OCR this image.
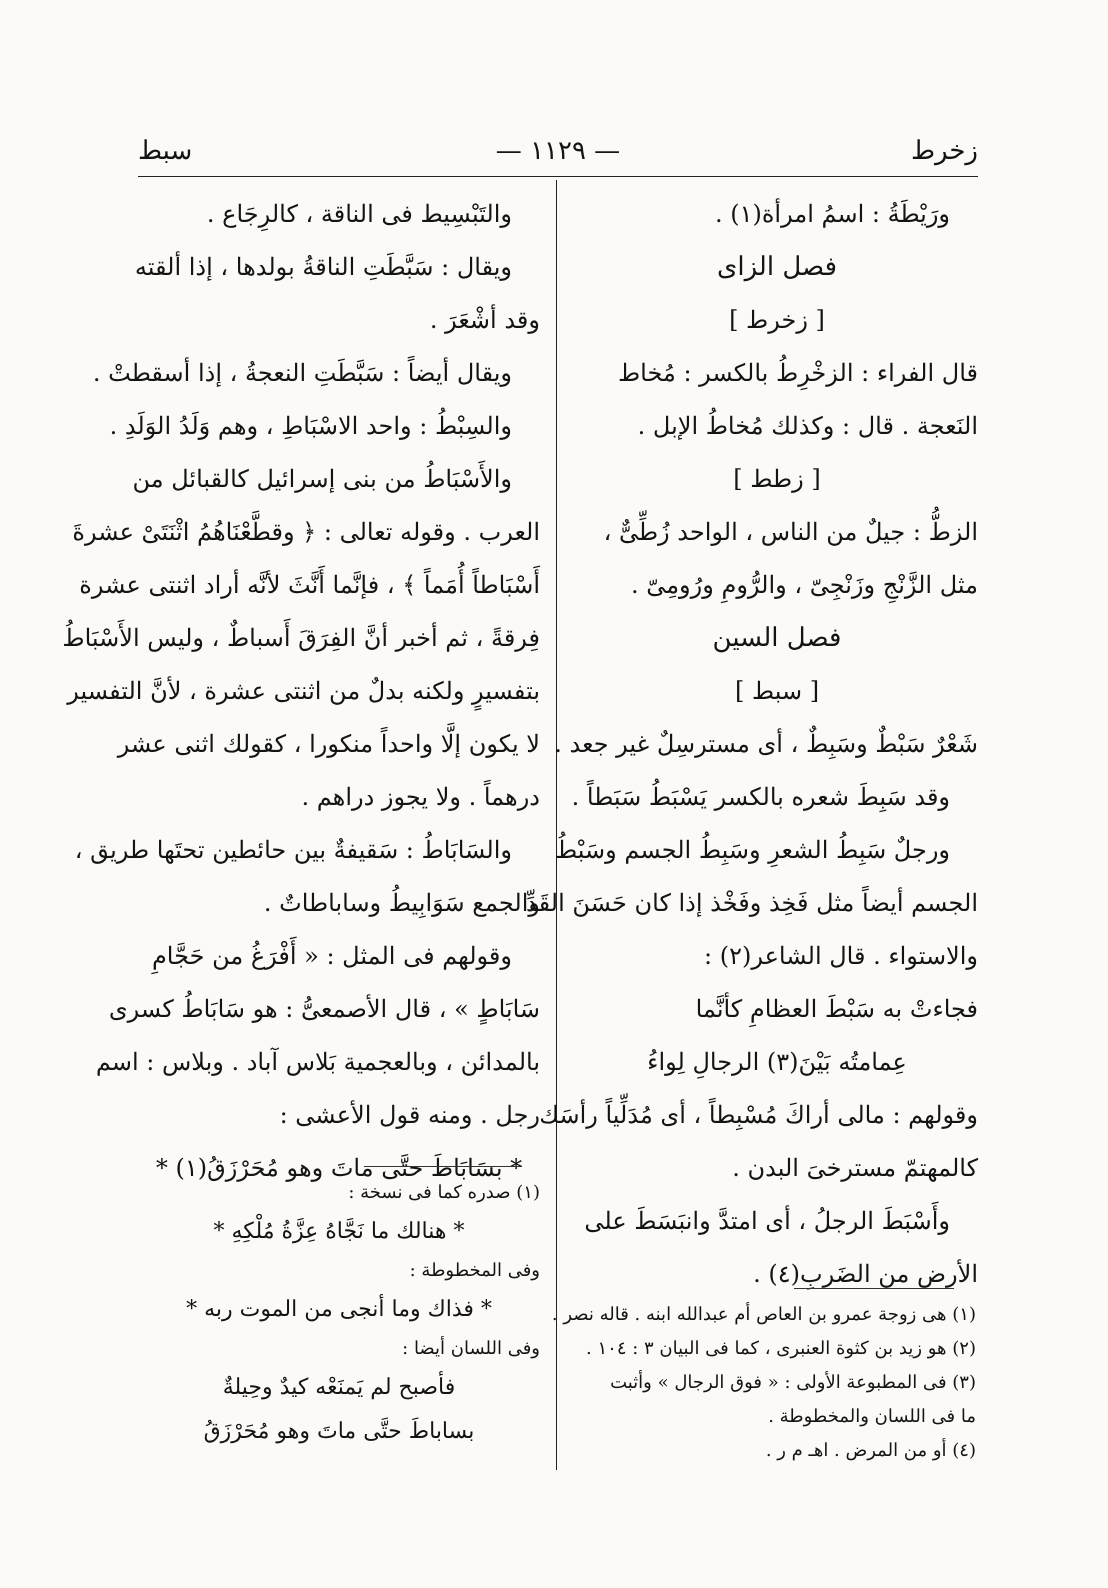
زخرط
— ١١٢٩ —
سبط

ورَيْطَةُ : اسمُ امرأة(١) .

فصل الزاى

[ زخرط ]

قال الفراء : الزخْرِطُ بالكسر : مُخاط

النَعجة . قال : وكذلك مُخاطُ الإبل .

[ زطط ]

الزطُّ : جيلٌ من الناس ، الواحد زُطِّىٌّ ،

مثل الزَّنْجِ وزَنْجِىّ ، والرُّومِ ورُومِىّ .

فصل السين

[ سبط ]

شَعْرٌ سَبْطٌ وسَبِطٌ ، أى مسترسِلٌ غير جعد .

وقد سَبِطَ شعره بالكسر يَسْبَطُ سَبَطاً .

ورجلٌ سَبِطُ الشعرِ وسَبِطُ الجسم وسَبْطُ

الجسم أيضاً مثل فَخِذ وفَخْذ إذا كان حَسَنَ القَدِّ

والاستواء . قال الشاعر(٢) :

فجاءتْ به سَبْطَ العظامِ كأنَّما

عِمامتُه بَيْنَ(٣) الرجالِ لِواءُ

وقولهم : مالى أراكَ مُسْبِطاً ، أى مُدَلِّياً رأسَك

كالمهتمّ مسترخىَ البدن .

وأَسْبَطَ الرجلُ ، أى امتدَّ وانبَسَطَ على

الأرض من الضَربِ(٤) .

والتَبْسِيط فى الناقة ، كالرِجَاع .

ويقال : سَبَّطَتِ الناقةُ بولدها ، إذا ألقته

وقد أشْعَرَ .

ويقال أيضاً : سَبَّطَتِ النعجةُ ، إذا أسقطتْ .

والسِبْطُ : واحد الاسْبَاطِ ، وهم وَلَدُ الوَلَدِ .

والأَسْبَاطُ من بنى إسرائيل كالقبائل من

العرب . وقوله تعالى : ﴿ وقطَّعْنَاهُمُ اثْنَتَىْ عشرةَ

أَسْبَاطاً أُمَماً ﴾ ، فإنَّما أَنَّثَ لأنَّه أراد اثنتى عشرة

فِرقةً ، ثم أخبر أنَّ الفِرَقَ أَسباطٌ ، وليس الأَسْبَاطُ

بتفسيرٍ ولكنه بدلٌ من اثنتى عشرة ، لأنَّ التفسير

لا يكون إلَّا واحداً منكورا ، كقولك اثنى عشر

درهماً . ولا يجوز دراهم .

والسَابَاطُ : سَقيفةٌ بين حائطين تحتَها طريق ،

والجمع سَوَابِيطُ وساباطاتٌ .

وقولهم فى المثل : « أَفْرَغُ من حَجَّامِ

سَابَاطٍ » ، قال الأصمعىُّ : هو سَابَاطُ كسرى

بالمدائن ، وبالعجمية بَلاس آباد . وبلاس : اسم

رجل . ومنه قول الأعشى :

* بسَابَاطَ حتَّى ماتَ وهو مُحَرْزَقُ(١) *

(١) هى زوجة عمرو بن العاص أم عبدالله ابنه . قاله نصر .

(٢) هو زيد بن كثوة العنبرى ، كما فى البيان ٣ : ١٠٤ .

(٣) فى المطبوعة الأولى : « فوق الرجال » وأثبت

ما فى اللسان والمخطوطة .

(٤) أو من المرض . اهـ م ر .

(١) صدره كما فى نسخة :

* هنالك ما نَجَّاهُ عِزَّةُ مُلْكِهِ *

وفى المخطوطة :

* فذاك وما أنجى من الموت ربه *

وفى اللسان أيضا :

فأصبح لم يَمنَعْه كيدٌ وحِيلةٌ

بساباطَ حتَّى ماتَ وهو مُحَرْزَقُ
